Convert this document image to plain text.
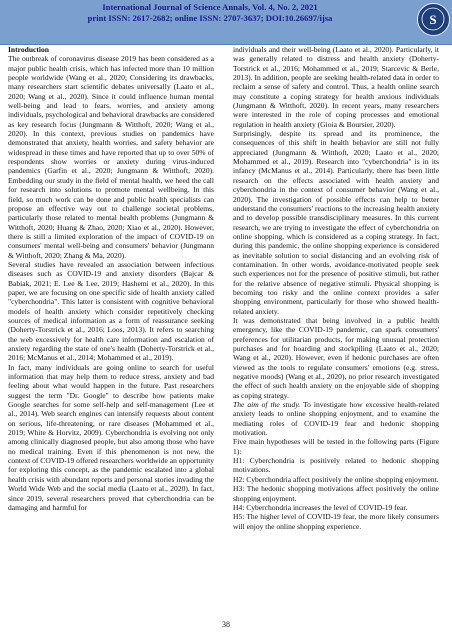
International Journal of Science Annals, Vol. 4, No. 2, 2021
print ISSN: 2617-2682; online ISSN: 2707-3637; DOI:10.26697/ijsa	S

Introduction

The outbreak of coronavirus disease 2019 has been considered as a major public health crisis, which has infected more than 10 million people worldwide (Wang et al., 2020; Considering its drawbacks, many researchers start scientific debates universally (Laato et al., 2020; Wang et al., 2020). Since it could influence human mental well-being and lead to fears, worries, and anxiety among individuals, psychological and behavioral drawbacks are considered as key research focus (Jungmann & Witthoft, 2020; Wang et al., 2020). In this context, previous studies on pandemics have demonstrated that anxiety, health worries, and safety behavior are widespread in these times and have reported that up to over 50% of respondents show worries or anxiety during virus-induced pandemics (Garfin et al., 2020; Jungmann & Witthoft, 2020). Embedding our study in the field of mental health, we heed the call for research into solutions to promote mental wellbeing. In this field, so much work can be done and public health specialists can propose an effective way out to challenge societal problems, particularly those related to mental health problems (Jungmann & Witthoft, 2020; Huang & Zhao, 2020; Xiao et al., 2020). However, there is still a limited exploration of the impact of COVID-19 on consumers' mental well-being and consumers' behavior (Jungmann & Witthoft, 2020; Zhang & Ma, 2020).

Several studies have revealed an association between infectious diseases such as COVID-19 and anxiety disorders (Bajcar & Babiak, 2021; E. Lee & Lee, 2019; Hashemi et al., 2020). In this paper, we are focusing on one specific side of health anxiety called "cyberchondria". This latter is consistent with cognitive behavioral models of health anxiety which consider repetitively checking sources of medical information as a form of reassurance seeking (Doherty-Torstrick et al., 2016; Loos, 2013). It refers to searching the web excessively for health care information and escalation of anxiety regarding the state of one's health (Doherty-Torstrick et al., 2016; McManus et al., 2014; Mohammed et al., 2019).

In fact, many individuals are going online to search for useful information that may help them to reduce stress, anxiety and bad feeling about what would happen in the future. Past researchers suggest the term "Dr. Google" to describe how patients make Google searches for some self-help and self-management (Lee et al., 2014). Web search engines can intensify requests about content on serious, life-threatening, or rare diseases (Mohammed et al., 2019; White & Horvitz, 2009). Cyberchondria is evolving not only among clinically diagnosed people, but also among those who have no medical training. Even if this phenomenon is not new, the context of COVID-19 offered researchers worldwide an opportunity for exploring this concept, as the pandemic escalated into a global health crisis with abundant reports and personal stories invading the World Wide Web and the social media (Laato et al., 2020). In fact, since 2019, several researchers proved that cyberchondria can be damaging and harmful for

individuals and their well-being (Laato et al., 2020). Particularly, it was generally related to distress and health anxiety (Doherty-Torstrick et al., 2016; Mohammed et al., 2019; Starcevic & Berle, 2013). In addition, people are seeking health-related data in order to reclaim a sense of safety and control. Thus, a health online search may constitute a coping strategy for health anxious individuals (Jungmann & Witthoft, 2020). In recent years, many researchers were interested in the role of coping processes and emotional regulation in health anxiety (Gioia & Boursier, 2020).

Surprisingly, despite its spread and its prominence, the consequences of this shift in health behavior are still not fully appreciated (Jungmann & Witthoft, 2020; Laato et al., 2020; Mohammed et al., 2019). Research into "cyberchondria" is in its infancy (McManus et al., 2014). Particularly, there has been little research on the effects associated with health anxiety and cyberchondria in the context of consumer behavior (Wang et al., 2020). The investigation of possible effects can help to better understand the consumers' reactions to the increasing health anxiety and to develop possible transdisciplinary measures. In this current research, we are trying to investigate the effect of cyberchondria on online shopping, which is considered as a coping strategy. In fact, during this pandemic, the online shopping experience is considered as inevitable solution to social distancing and an evolving risk of contamination. In other words, avoidance-motivated people seek such experiences not for the presence of positive stimuli, but rather for the relative absence of negative stimuli. Physical shopping is becoming too risky and the online context provides a safer shopping environment, particularly for those who showed health-related anxiety.

It was demonstrated that being involved in a public health emergency, like the COVID-19 pandemic, can spark consumers' preferences for utilitarian products, for making unusual protection purchases and for hoarding and stockpiling (Laato et al., 2020; Wang et al., 2020). However, even if hedonic purchases are often viewed as the tools to regulate consumers' emotions (e.g. stress, negative moods) (Wang et al., 2020), no prior research investigated the effect of such health anxiety on the enjoyable side of shopping as coping strategy.

The aim of the study. To investigate how excessive health-related anxiety leads to online shopping enjoyment, and to examine the mediating roles of COVID-19 fear and hedonic shopping motivation.

Five main hypotheses will be tested in the following parts (Figure 1):

H1: Cyberchondria is positively related to hedonic shopping motivations.

H2: Cyberchondria affect positively the online shopping enjoyment.

H3: The hedonic shopping motivations affect positively the online shopping enjoyment.

H4: Cyberchondria increases the level of COVID-19 fear.

H5: The higher level of COVID-19 fear, the more likely consumers will enjoy the online shopping experience.

38
